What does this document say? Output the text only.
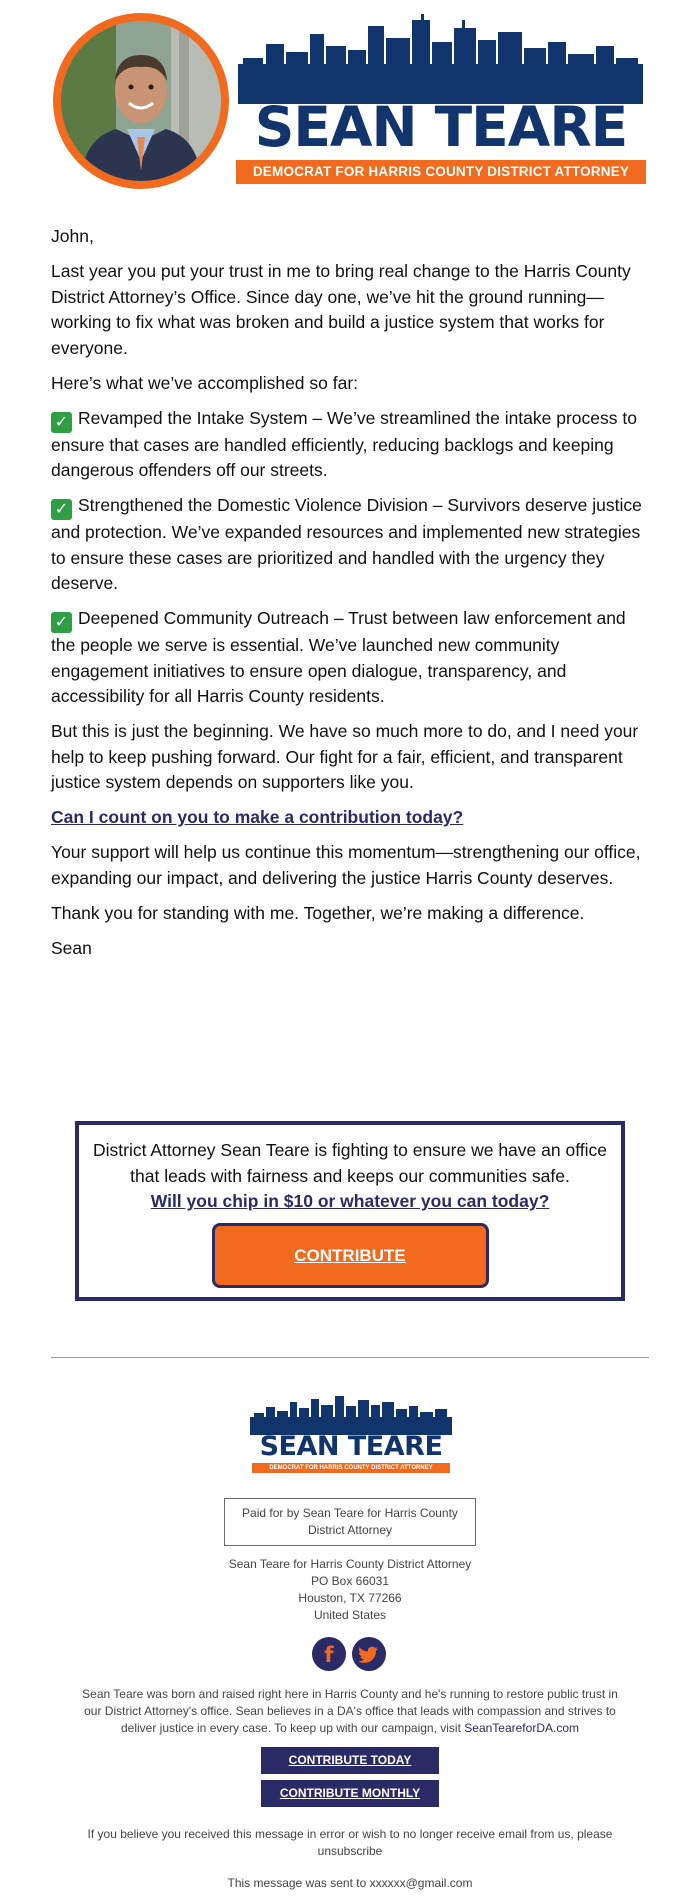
SEAN TEARE
DEMOCRAT FOR HARRIS COUNTY DISTRICT ATTORNEY

John,

Last year you put your trust in me to bring real change to the Harris County District Attorney’s Office. Since day one, we’ve hit the ground running—working to fix what was broken and build a justice system that works for everyone.

Here’s what we’ve accomplished so far:

✓ Revamped the Intake System – We’ve streamlined the intake process to ensure that cases are handled efficiently, reducing backlogs and keeping dangerous offenders off our streets.

✓ Strengthened the Domestic Violence Division – Survivors deserve justice and protection. We’ve expanded resources and implemented new strategies to ensure these cases are prioritized and handled with the urgency they deserve.

✓ Deepened Community Outreach – Trust between law enforcement and the people we serve is essential. We’ve launched new community engagement initiatives to ensure open dialogue, transparency, and accessibility for all Harris County residents.

But this is just the beginning. We have so much more to do, and I need your help to keep pushing forward. Our fight for a fair, efficient, and transparent justice system depends on supporters like you.

Can I count on you to make a contribution today?

Your support will help us continue this momentum—strengthening our office, expanding our impact, and delivering the justice Harris County deserves.

Thank you for standing with me. Together, we’re making a difference.

Sean

District Attorney Sean Teare is fighting to ensure we have an office that leads with fairness and keeps our communities safe.
Will you chip in $10 or whatever you can today?
CONTRIBUTE
SEAN TEARE
DEMOCRAT FOR HARRIS COUNTY DISTRICT ATTORNEY
Paid for by Sean Teare for Harris County District Attorney
Sean Teare for Harris County District Attorney
PO Box 66031
Houston, TX 77266
United States
f
Sean Teare was born and raised right here in Harris County and he's running to restore public trust in our District Attorney's office. Sean believes in a DA's office that leads with compassion and strives to deliver justice in every case. To keep up with our campaign, visit SeanTeareforDA.com
CONTRIBUTE TODAY
CONTRIBUTE MONTHLY
If you believe you received this message in error or wish to no longer receive email from us, please unsubscribe
This message was sent to xxxxxx@gmail.com
